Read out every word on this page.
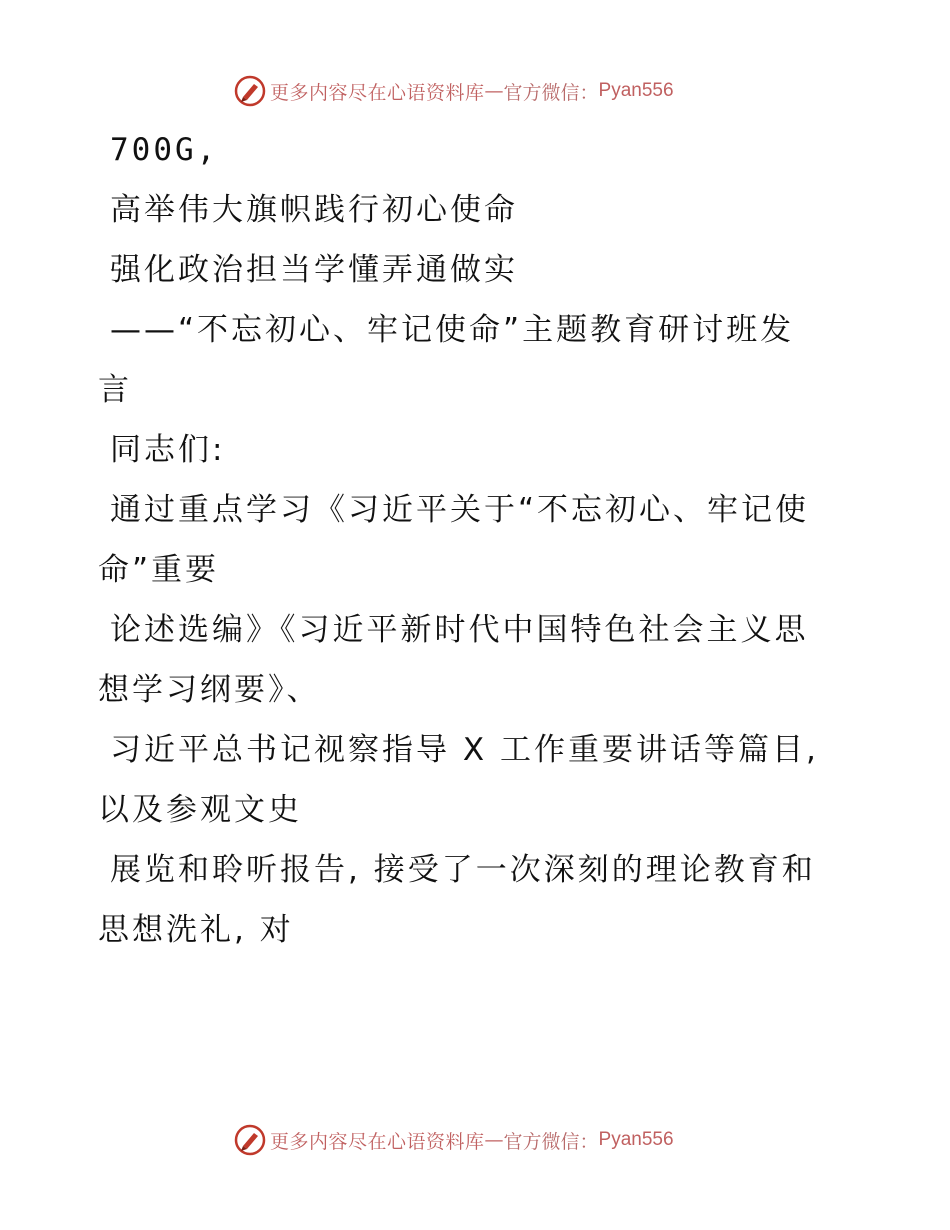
更多内容尽在心语资料库 — 官方微信： Pyan556
700G,
高举伟大旗帜践行初心使命
强化政治担当学懂弄通做实
——“不忘初心、牢记使命”主题教育研讨班发
言
同志们:
通过重点学习《习近平关于“不忘初心、牢记使
命”重要
论述选编》《习近平新时代中国特色社会主义思
想学习纲要》、
习近平总书记视察指导 X 工作重要讲话等篇目,
以及参观文史
展览和聆听报告, 接受了一次深刻的理论教育和
思想洗礼, 对
更多内容尽在心语资料库 — 官方微信： Pyan556
